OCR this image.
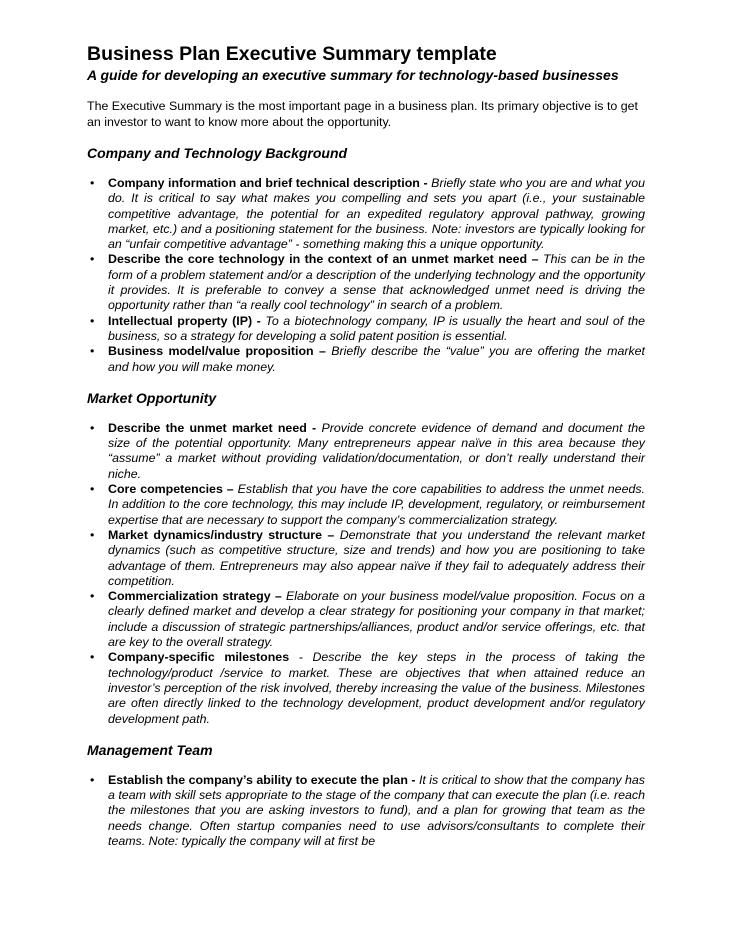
Business Plan Executive Summary template

A guide for developing an executive summary for technology-based businesses

The Executive Summary is the most important page in a business plan. Its primary objective is to get an investor to want to know more about the opportunity.

Company and Technology Background
• Company information and brief technical description - Briefly state who you are and what you do. It is critical to say what makes you compelling and sets you apart (i.e., your sustainable competitive advantage, the potential for an expedited regulatory approval pathway, growing market, etc.) and a positioning statement for the business. Note: investors are typically looking for an “unfair competitive advantage” - something making this a unique opportunity.
• Describe the core technology in the context of an unmet market need – This can be in the form of a problem statement and/or a description of the underlying technology and the opportunity it provides. It is preferable to convey a sense that acknowledged unmet need is driving the opportunity rather than “a really cool technology” in search of a problem.
• Intellectual property (IP) - To a biotechnology company, IP is usually the heart and soul of the business, so a strategy for developing a solid patent position is essential.
• Business model/value proposition – Briefly describe the “value” you are offering the market and how you will make money.
Market Opportunity
• Describe the unmet market need - Provide concrete evidence of demand and document the size of the potential opportunity. Many entrepreneurs appear naïve in this area because they “assume” a market without providing validation/documentation, or don’t really understand their niche.
• Core competencies – Establish that you have the core capabilities to address the unmet needs. In addition to the core technology, this may include IP, development, regulatory, or reimbursement expertise that are necessary to support the company’s commercialization strategy.
• Market dynamics/industry structure – Demonstrate that you understand the relevant market dynamics (such as competitive structure, size and trends) and how you are positioning to take advantage of them. Entrepreneurs may also appear naïve if they fail to adequately address their competition.
• Commercialization strategy – Elaborate on your business model/value proposition. Focus on a clearly defined market and develop a clear strategy for positioning your company in that market; include a discussion of strategic partnerships/alliances, product and/or service offerings, etc. that are key to the overall strategy.
• Company-specific milestones - Describe the key steps in the process of taking the technology/product /service to market. These are objectives that when attained reduce an investor’s perception of the risk involved, thereby increasing the value of the business. Milestones are often directly linked to the technology development, product development and/or regulatory development path.
Management Team
• Establish the company’s ability to execute the plan - It is critical to show that the company has a team with skill sets appropriate to the stage of the company that can execute the plan (i.e. reach the milestones that you are asking investors to fund), and a plan for growing that team as the needs change. Often startup companies need to use advisors/consultants to complete their teams. Note: typically the company will at first be
